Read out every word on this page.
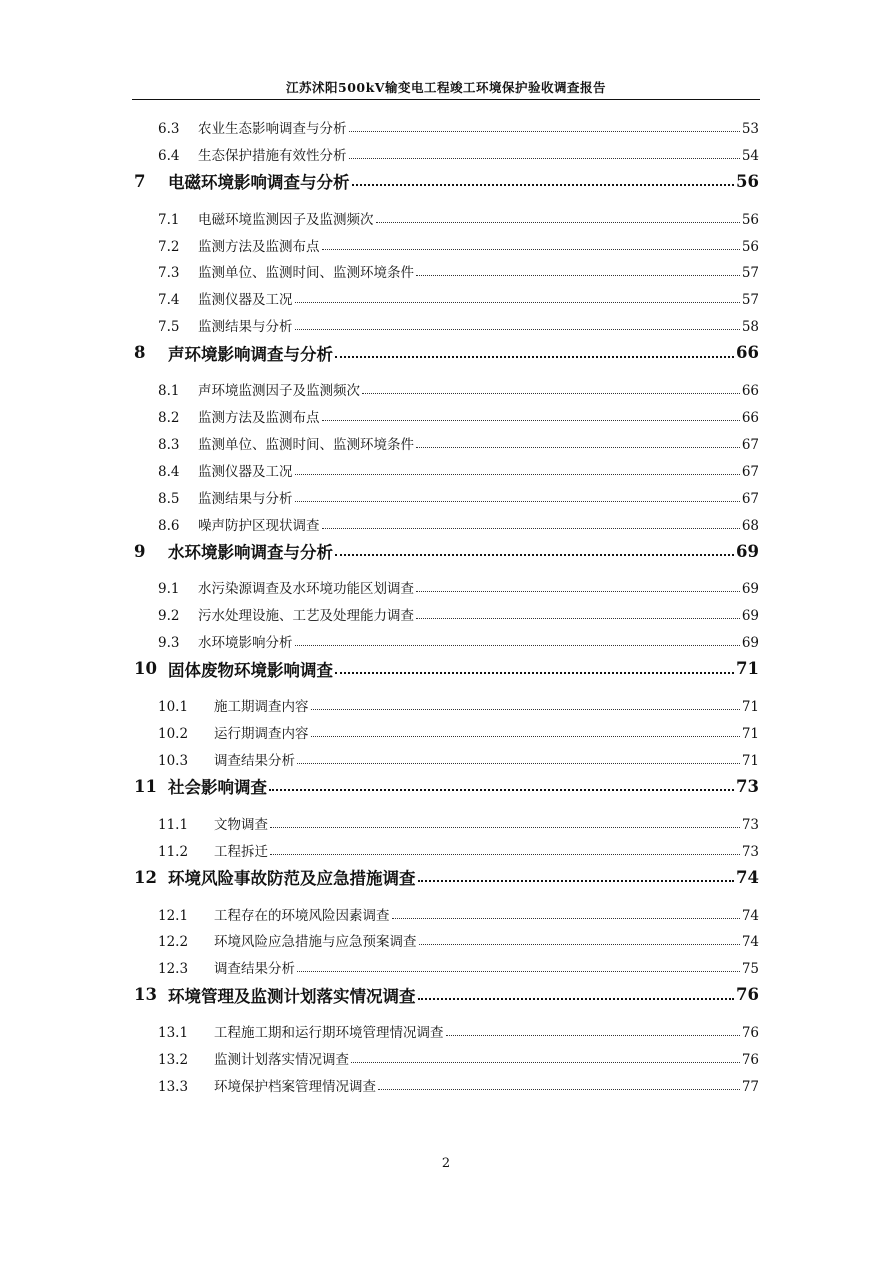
江苏沭阳500kV输变电工程竣工环境保护验收调查报告
6.3	农业生态影响调查与分析	53
6.4	生态保护措施有效性分析	54
7	电磁环境影响调查与分析	56
7.1	电磁环境监测因子及监测频次	56
7.2	监测方法及监测布点	56
7.3	监测单位、监测时间、监测环境条件	57
7.4	监测仪器及工况	57
7.5	监测结果与分析	58
8	声环境影响调查与分析	66
8.1	声环境监测因子及监测频次	66
8.2	监测方法及监测布点	66
8.3	监测单位、监测时间、监测环境条件	67
8.4	监测仪器及工况	67
8.5	监测结果与分析	67
8.6	噪声防护区现状调查	68
9	水环境影响调查与分析	69
9.1	水污染源调查及水环境功能区划调查	69
9.2	污水处理设施、工艺及处理能力调查	69
9.3	水环境影响分析	69
10 固体废物环境影响调查	71
10.1	施工期调查内容	71
10.2	运行期调查内容	71
10.3	调查结果分析	71
11 社会影响调查	73
11.1	文物调查	73
11.2	工程拆迁	73
12 环境风险事故防范及应急措施调查	74
12.1	工程存在的环境风险因素调查	74
12.2	环境风险应急措施与应急预案调查	74
12.3	调查结果分析	75
13 环境管理及监测计划落实情况调查	76
13.1	工程施工期和运行期环境管理情况调查	76
13.2	监测计划落实情况调查	76
13.3	环境保护档案管理情况调查	77
2
